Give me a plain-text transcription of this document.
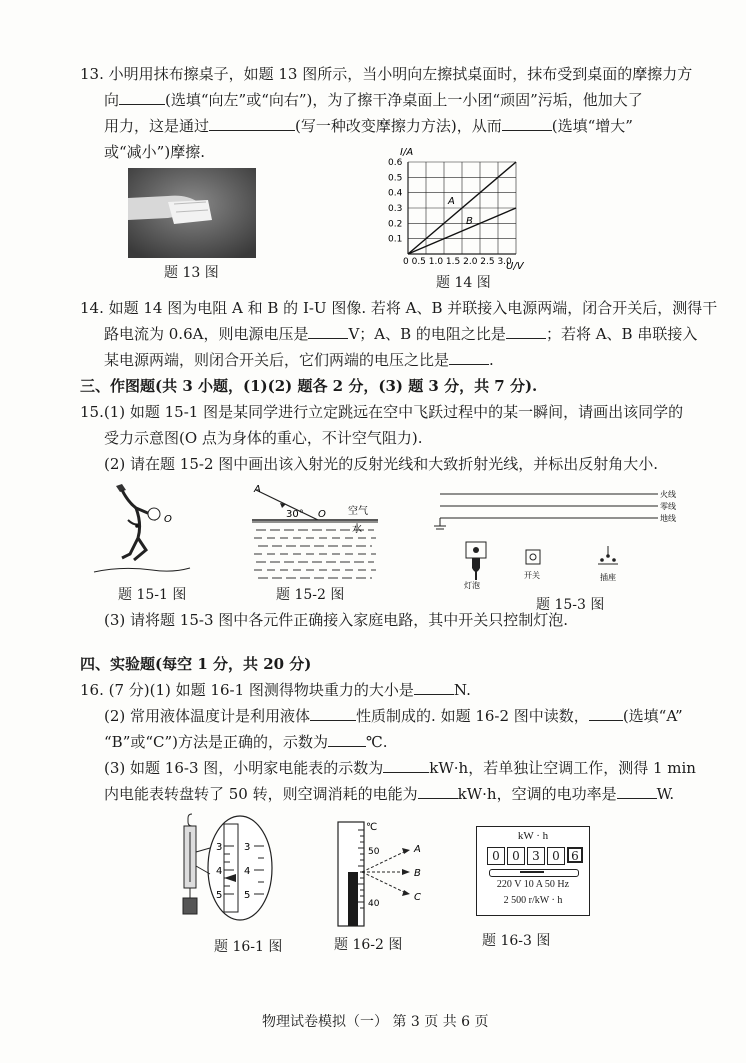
13. 小明用抹布擦桌子，如题 13 图所示，当小明向左擦拭桌面时，抹布受到桌面的摩擦力方
向	(选填“向左”或“向右”)，为了擦干净桌面上一小团“顽固”污垢，他加大了
用力，这是通过	(写一种改变摩擦力方法)，从而	(选填“增大”
或“减小”)摩擦.
题 13 图
I/A
U/V
0.6
0.5
0.4
0.3
0.2
0.1
0 0.5 1.0 1.5 2.0 2.5 3.0
A
B
题 14 图
14. 如题 14 图为电阻 A 和 B 的 I-U 图像. 若将 A、B 并联接入电源两端，闭合开关后，测得干
路电流为 0.6A，则电源电压是	V；A、B 的电阻之比是	；若将 A、B 串联接入
某电源两端，则闭合开关后，它们两端的电压之比是	.
三、作图题(共 3 小题，(1)(2) 题各 2 分，(3) 题 3 分，共 7 分).
15.(1) 如题 15-1 图是某同学进行立定跳远在空中飞跃过程中的某一瞬间，请画出该同学的
受力示意图(O 点为身体的重心，不计空气阻力).
(2) 请在题 15-2 图中画出该入射光的反射光线和大致折射光线，并标出反射角大小.
O
题 15-1 图
A
30° O 空气
水
题 15-2 图
火线
零线
地线
灯泡
开关	插座
题 15-3 图
(3) 请将题 15-3 图中各元件正确接入家庭电路，其中开关只控制灯泡.
四、实验题(每空 1 分，共 20 分)
16. (7 分)(1) 如题 16-1 图测得物块重力的大小是	N.
(2) 常用液体温度计是利用液体	性质制成的. 如题 16-2 图中读数， (选填“A”
“B”或“C”)方法是正确的，示数为	℃.
(3) 如题 16-3 图，小明家电能表的示数为	kW·h，若单独让空调工作，测得 1 min
内电能表转盘转了 50 转，则空调消耗的电能为	kW·h，空调的电功率是	W.
3
4
5
3
4
5
题 16-1 图
℃
50
40
A
B
C
题 16-2 图
kW · h
0	0	3	0 6
220 V 10 A 50 Hz
2 500 r/kW · h
题 16-3 图
物理试卷模拟（一） 第 3 页 共 6 页
